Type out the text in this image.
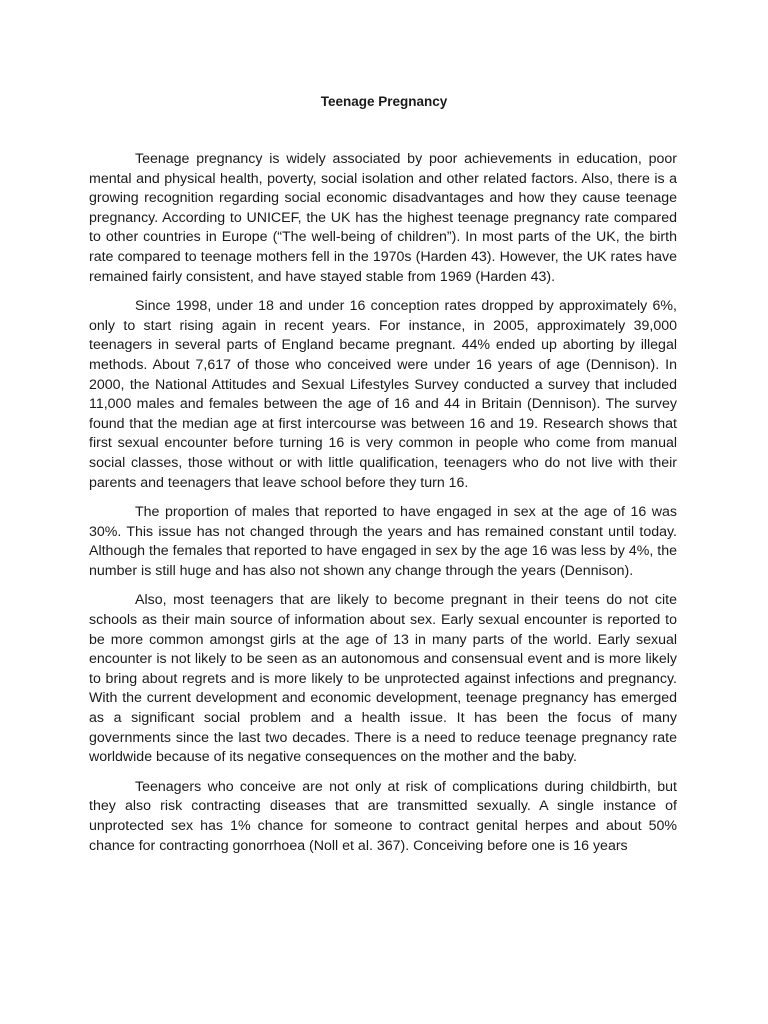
Teenage Pregnancy

Teenage pregnancy is widely associated by poor achievements in education, poor mental and physical health, poverty, social isolation and other related factors. Also, there is a growing recognition regarding social economic disadvantages and how they cause teenage pregnancy. According to UNICEF, the UK has the highest teenage pregnancy rate compared to other countries in Europe (“The well-being of children”). In most parts of the UK, the birth rate compared to teenage mothers fell in the 1970s (Harden 43). However, the UK rates have remained fairly consistent, and have stayed stable from 1969 (Harden 43).

Since 1998, under 18 and under 16 conception rates dropped by approximately 6%, only to start rising again in recent years. For instance, in 2005, approximately 39,000 teenagers in several parts of England became pregnant. 44% ended up aborting by illegal methods. About 7,617 of those who conceived were under 16 years of age (Dennison). In 2000, the National Attitudes and Sexual Lifestyles Survey conducted a survey that included 11,000 males and females between the age of 16 and 44 in Britain (Dennison). The survey found that the median age at first intercourse was between 16 and 19. Research shows that first sexual encounter before turning 16 is very common in people who come from manual social classes, those without or with little qualification, teenagers who do not live with their parents and teenagers that leave school before they turn 16.

The proportion of males that reported to have engaged in sex at the age of 16 was 30%. This issue has not changed through the years and has remained constant until today. Although the females that reported to have engaged in sex by the age 16 was less by 4%, the number is still huge and has also not shown any change through the years (Dennison).

Also, most teenagers that are likely to become pregnant in their teens do not cite schools as their main source of information about sex. Early sexual encounter is reported to be more common amongst girls at the age of 13 in many parts of the world. Early sexual encounter is not likely to be seen as an autonomous and consensual event and is more likely to bring about regrets and is more likely to be unprotected against infections and pregnancy. With the current development and economic development, teenage pregnancy has emerged as a significant social problem and a health issue. It has been the focus of many governments since the last two decades. There is a need to reduce teenage pregnancy rate worldwide because of its negative consequences on the mother and the baby.

Teenagers who conceive are not only at risk of complications during childbirth, but they also risk contracting diseases that are transmitted sexually. A single instance of unprotected sex has 1% chance for someone to contract genital herpes and about 50% chance for contracting gonorrhoea (Noll et al. 367). Conceiving before one is 16 years
